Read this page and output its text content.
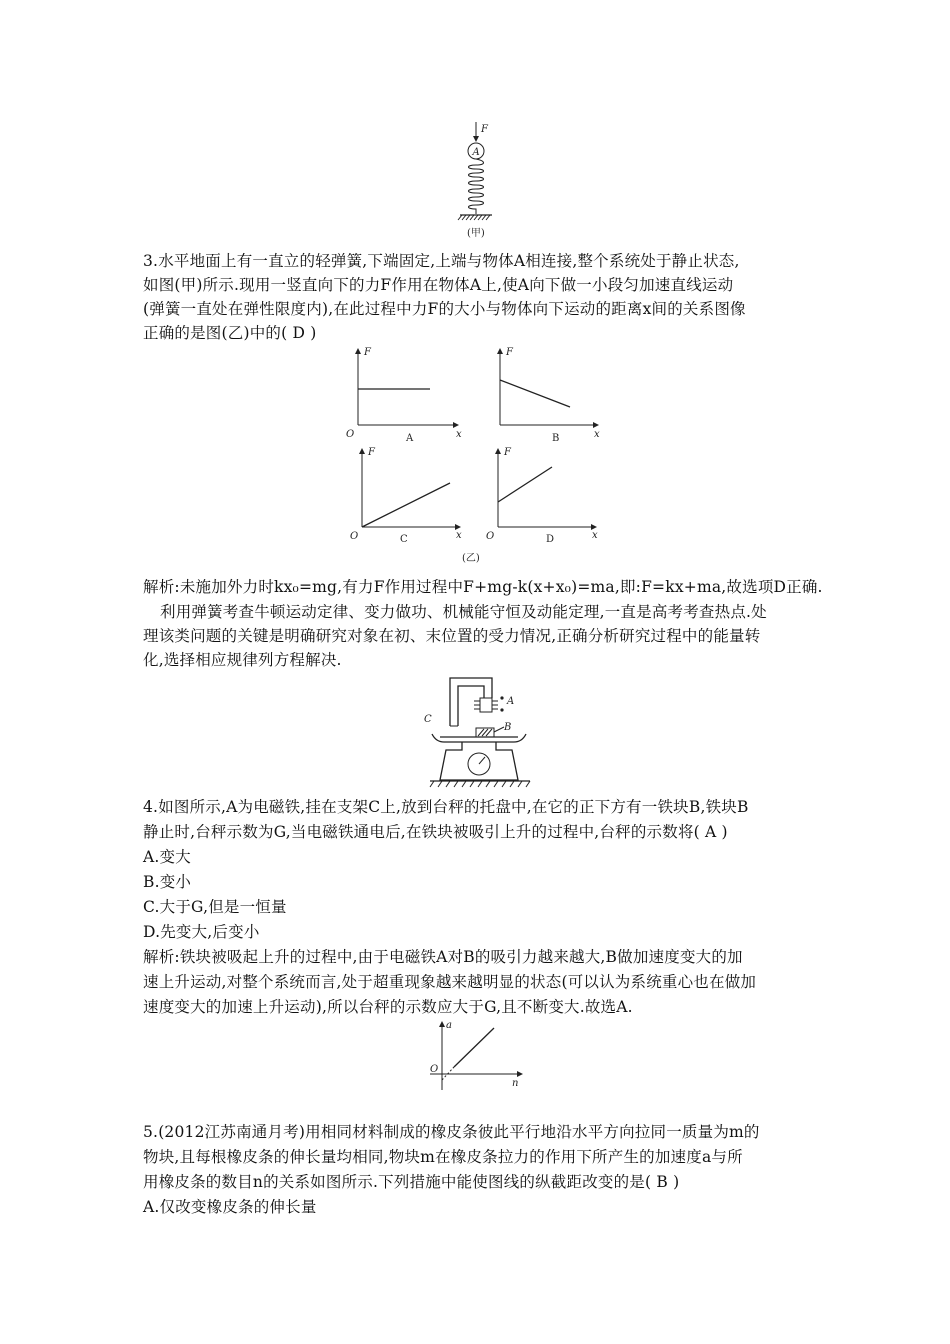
F
A
(甲)
3.水平地面上有一直立的轻弹簧,下端固定,上端与物体A相连接,整个系统处于静止状态,
如图(甲)所示.现用一竖直向下的力F作用在物体A上,使A向下做一小段匀加速直线运动
(弹簧一直处在弹性限度内),在此过程中力F的大小与物体向下运动的距离x间的关系图像
正确的是图(乙)中的( D )
F
x
O	A
F
x
B
F
x
O	C
F
x
O	D
(乙)
解析:未施加外力时kx₀=mg,有力F作用过程中F+mg-k(x+x₀)=ma,即:F=kx+ma,故选项D正确.
利用弹簧考查牛顿运动定律、变力做功、机械能守恒及动能定理,一直是高考考查热点.处
理该类问题的关键是明确研究对象在初、末位置的受力情况,正确分析研究过程中的能量转
化,选择相应规律列方程解决.
A
C
B
4.如图所示,A为电磁铁,挂在支架C上,放到台秤的托盘中,在它的正下方有一铁块B,铁块B
静止时,台秤示数为G,当电磁铁通电后,在铁块被吸引上升的过程中,台秤的示数将( A )
A.变大
B.变小
C.大于G,但是一恒量
D.先变大,后变小
解析:铁块被吸起上升的过程中,由于电磁铁A对B的吸引力越来越大,B做加速度变大的加
速上升运动,对整个系统而言,处于超重现象越来越明显的状态(可以认为系统重心也在做加
速度变大的加速上升运动),所以台秤的示数应大于G,且不断变大.故选A.
a
n
O
5.(2012江苏南通月考)用相同材料制成的橡皮条彼此平行地沿水平方向拉同一质量为m的
物块,且每根橡皮条的伸长量均相同,物块m在橡皮条拉力的作用下所产生的加速度a与所
用橡皮条的数目n的关系如图所示.下列措施中能使图线的纵截距改变的是( B )
A.仅改变橡皮条的伸长量
